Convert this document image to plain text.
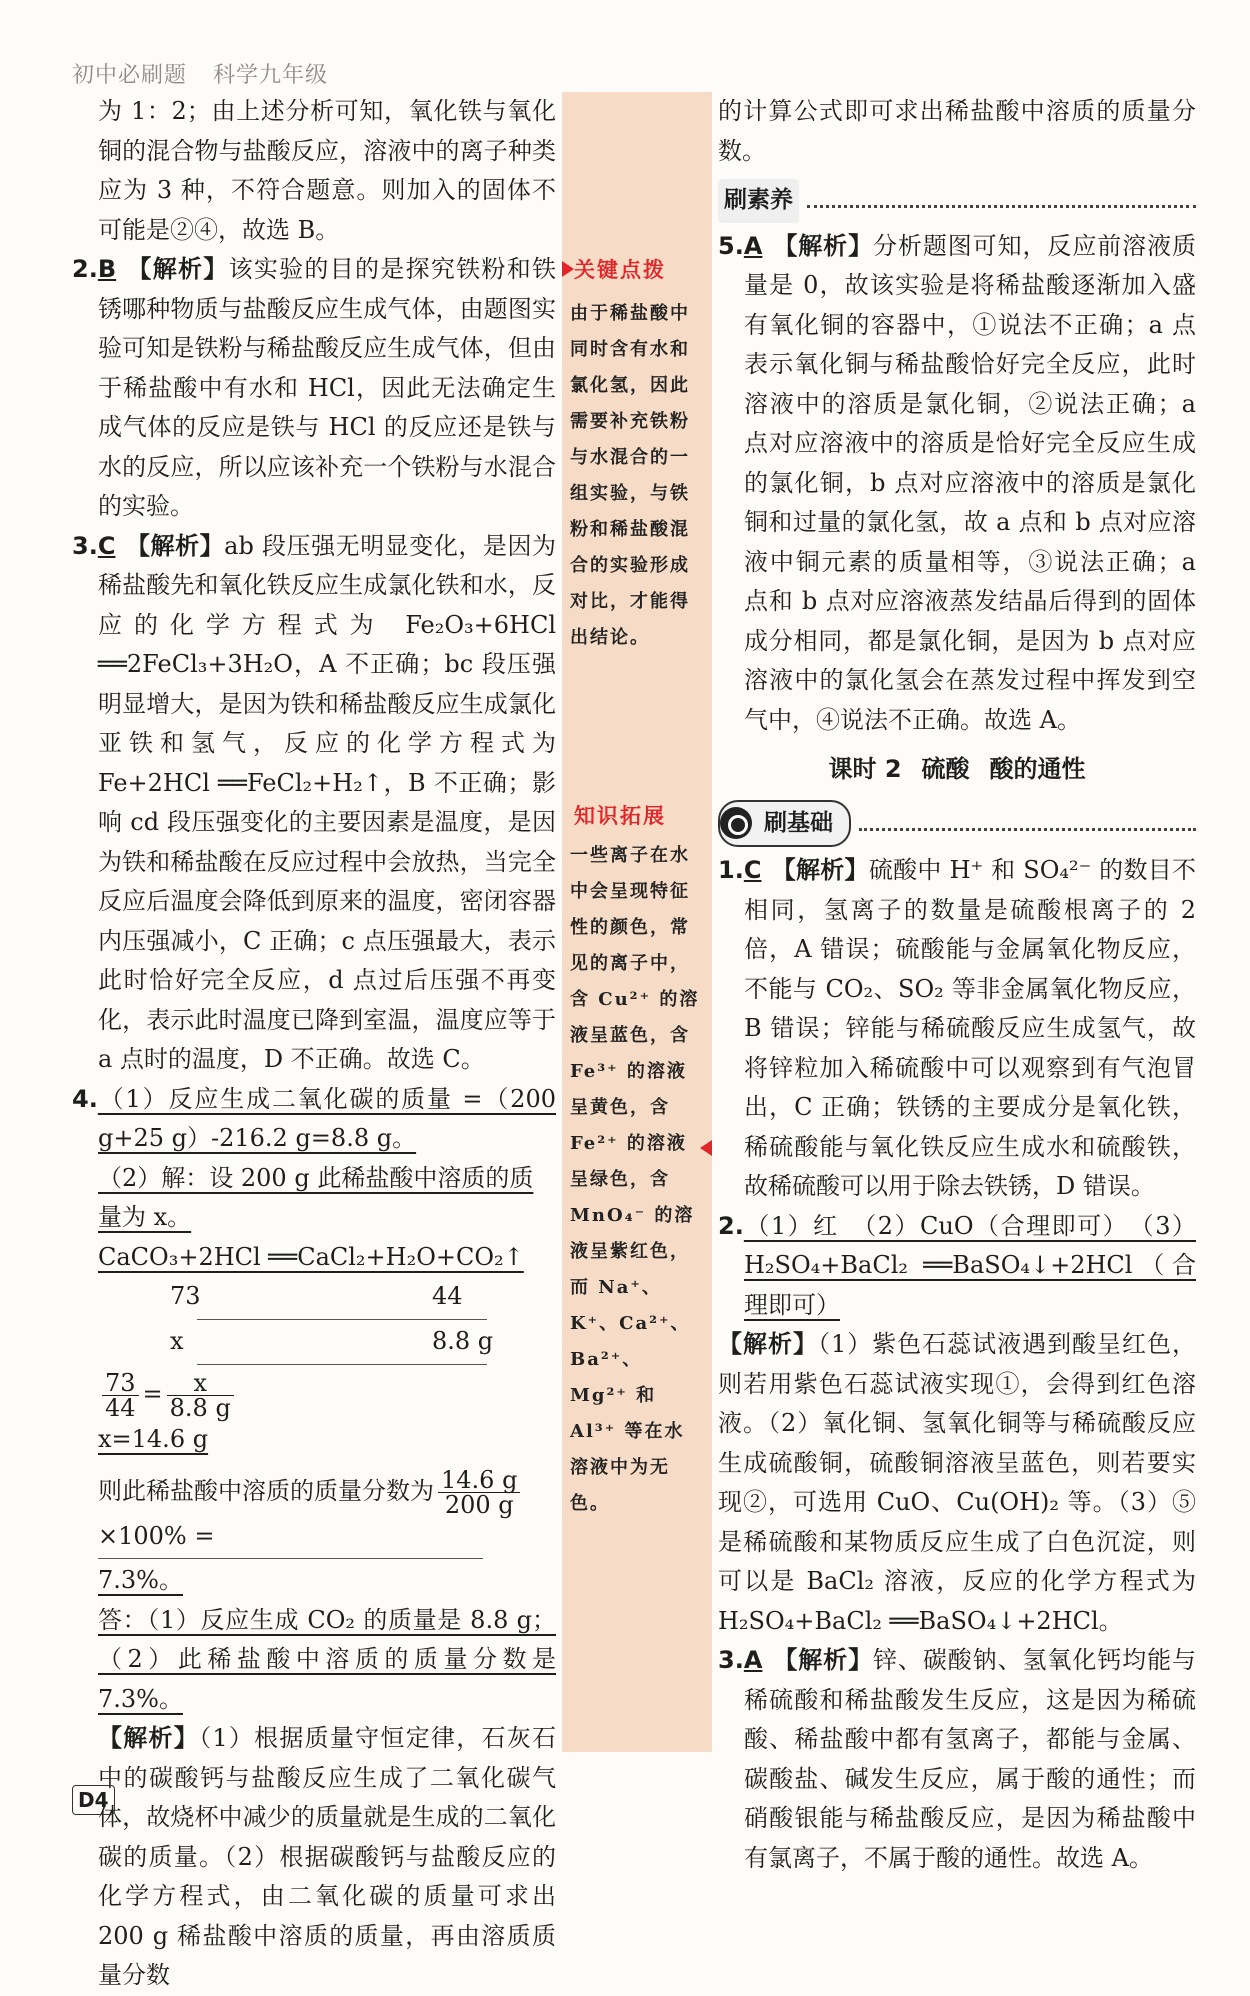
初中必刷题 科学九年级

为 1：2；由上述分析可知，氧化铁与氧化铜的混合物与盐酸反应，溶液中的离子种类应为 3 种，不符合题意。则加入的固体不可能是②④，故选 B。

2.B 【解析】该实验的目的是探究铁粉和铁锈哪种物质与盐酸反应生成气体，由题图实验可知是铁粉与稀盐酸反应生成气体，但由于稀盐酸中有水和 HCl，因此无法确定生成气体的反应是铁与 HCl 的反应还是铁与水的反应，所以应该补充一个铁粉与水混合的实验。

3.C 【解析】ab 段压强无明显变化，是因为稀盐酸先和氧化铁反应生成氯化铁和水，反应的化学方程式为 Fe₂O₃+6HCl ══2FeCl₃+3H₂O，A 不正确；bc 段压强明显增大，是因为铁和稀盐酸反应生成氯化亚铁和氢气，反应的化学方程式为 Fe+2HCl ══FeCl₂+H₂↑，B 不正确；影响 cd 段压强变化的主要因素是温度，是因为铁和稀盐酸在反应过程中会放热，当完全反应后温度会降低到原来的温度，密闭容器内压强减小，C 正确；c 点压强最大，表示此时恰好完全反应，d 点过后压强不再变化，表示此时温度已降到室温，温度应等于 a 点时的温度，D 不正确。故选 C。

4.（1）反应生成二氧化碳的质量 =（200 g+25 g）-216.2 g=8.8 g。

（2）解：设 200 g 此稀盐酸中溶质的质量为 x。

CaCO₃+2HCl ══CaCl₂+H₂O+CO₂↑

73	44
x	8.8 g

$\frac{73}{44} = \frac{x}{8.8 g}$

x=14.6 g

则此稀盐酸中溶质的质量分数为 $\frac{14.6 g}{200 g}$
×100% =

7.3%。

答：（1）反应生成 CO₂ 的质量是 8.8 g；（2）此稀盐酸中溶质的质量分数是 7.3%。

【解析】（1）根据质量守恒定律，石灰石中的碳酸钙与盐酸反应生成了二氧化碳气体，故烧杯中减少的质量就是生成的二氧化碳的质量。（2）根据碳酸钙与盐酸反应的化学方程式，由二氧化碳的质量可求出 200 g 稀盐酸中溶质的质量，再由溶质质量分数

关键点拨
由于稀盐酸中同时含有水和氯化氢，因此需要补充铁粉与水混合的一组实验，与铁粉和稀盐酸混合的实验形成对比，才能得出结论。
知识拓展
一些离子在水中会呈现特征性的颜色，常见的离子中，含 Cu²⁺ 的溶液呈蓝色，含 Fe³⁺ 的溶液呈黄色，含 Fe²⁺ 的溶液呈绿色，含 MnO₄⁻ 的溶液呈紫红色，而 Na⁺、K⁺、Ca²⁺、Ba²⁺、Mg²⁺ 和 Al³⁺ 等在水溶液中为无色。

的计算公式即可求出稀盐酸中溶质的质量分数。

刷素养

5.A 【解析】分析题图可知，反应前溶液质量是 0，故该实验是将稀盐酸逐渐加入盛有氧化铜的容器中，①说法不正确；a 点表示氧化铜与稀盐酸恰好完全反应，此时溶液中的溶质是氯化铜，②说法正确；a 点对应溶液中的溶质是恰好完全反应生成的氯化铜，b 点对应溶液中的溶质是氯化铜和过量的氯化氢，故 a 点和 b 点对应溶液中铜元素的质量相等，③说法正确；a 点和 b 点对应溶液蒸发结晶后得到的固体成分相同，都是氯化铜，是因为 b 点对应溶液中的氯化氢会在蒸发过程中挥发到空气中，④说法不正确。故选 A。

课时 2 硫酸 酸的通性
刷基础

1.C 【解析】硫酸中 H⁺ 和 SO₄²⁻ 的数目不相同，氢离子的数量是硫酸根离子的 2 倍，A 错误；硫酸能与金属氧化物反应，不能与 CO₂、SO₂ 等非金属氧化物反应，B 错误；锌能与稀硫酸反应生成氢气，故将锌粒加入稀硫酸中可以观察到有气泡冒出，C 正确；铁锈的主要成分是氧化铁，稀硫酸能与氧化铁反应生成水和硫酸铁，故稀硫酸可以用于除去铁锈，D 错误。

2.（1）红　（2）CuO（合理即可）　（3）H₂SO₄+BaCl₂ ══BaSO₄↓+2HCl（合理即可）

【解析】（1）紫色石蕊试液遇到酸呈红色，则若用紫色石蕊试液实现①，会得到红色溶液。（2）氧化铜、氢氧化铜等与稀硫酸反应生成硫酸铜，硫酸铜溶液呈蓝色，则若要实现②，可选用 CuO、Cu(OH)₂ 等。（3）⑤是稀硫酸和某物质反应生成了白色沉淀，则可以是 BaCl₂ 溶液，反应的化学方程式为 H₂SO₄+BaCl₂ ══BaSO₄↓+2HCl。

3.A 【解析】锌、碳酸钠、氢氧化钙均能与稀硫酸和稀盐酸发生反应，这是因为稀硫酸、稀盐酸中都有氢离子，都能与金属、碳酸盐、碱发生反应，属于酸的通性；而硝酸银能与稀盐酸反应，是因为稀盐酸中有氯离子，不属于酸的通性。故选 A。

D4
